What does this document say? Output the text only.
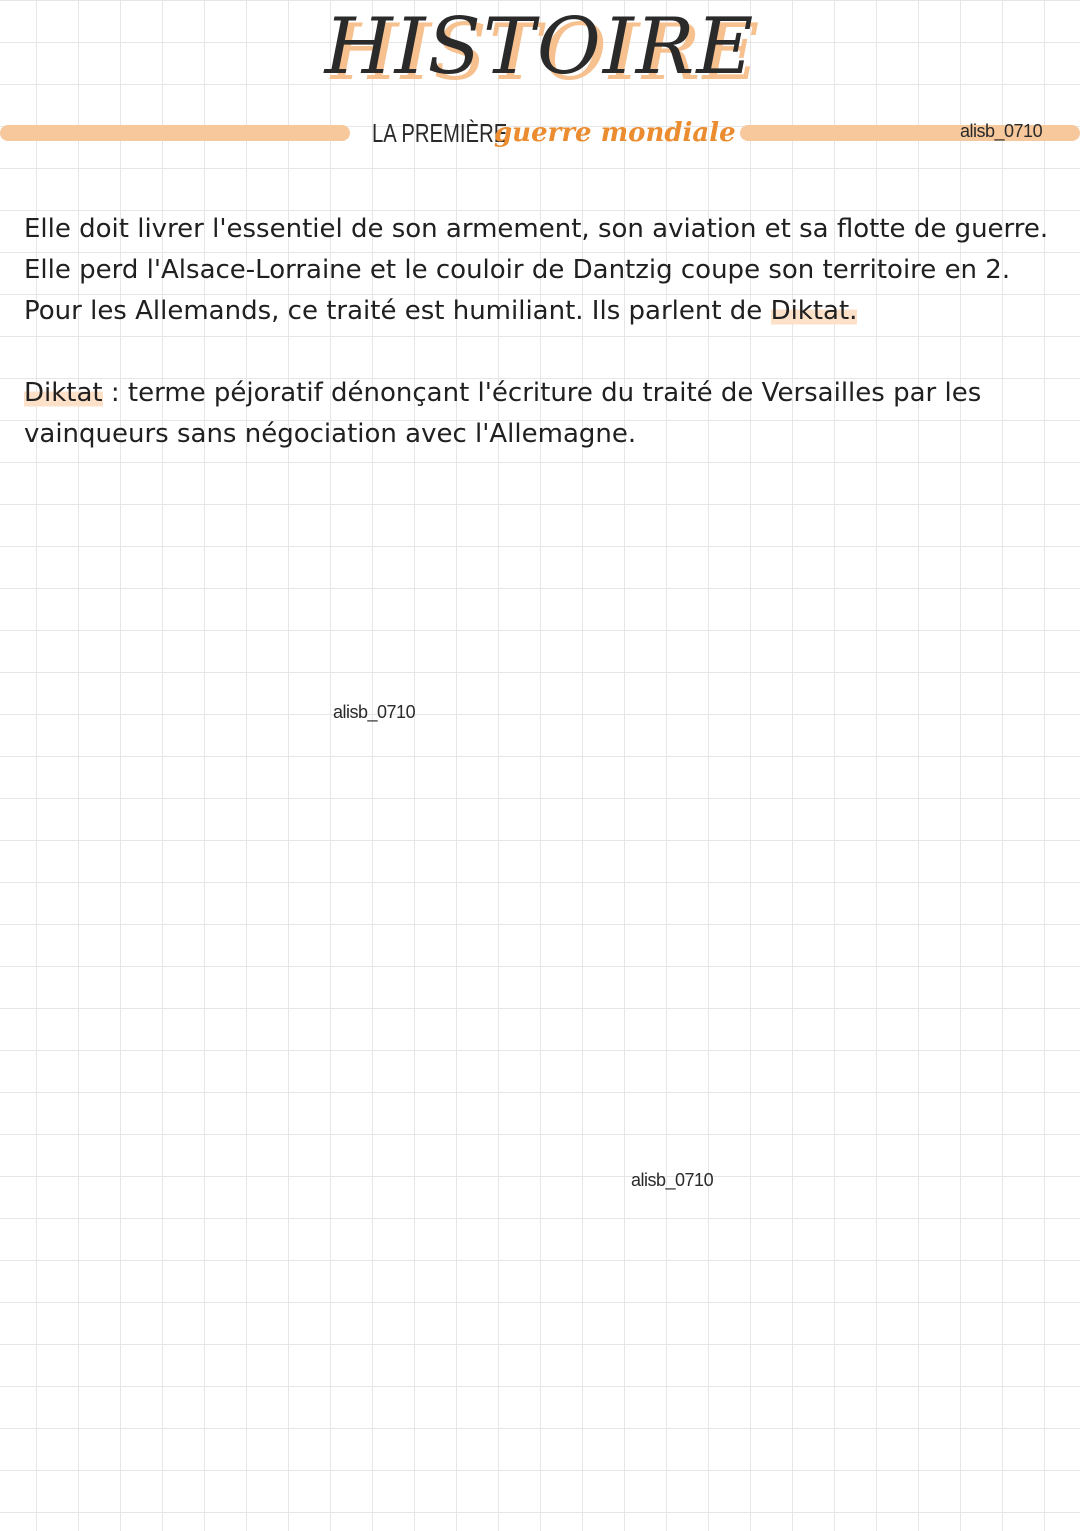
HISTOIRE
LA PREMIÈRE
guerre mondiale	alisb_0710

Elle doit livrer l'essentiel de son armement, son aviation et sa flotte de guerre.
Elle perd l'Alsace-Lorraine et le couloir de Dantzig coupe son territoire en 2.
Pour les Allemands, ce traité est humiliant. Ils parlent de Diktat.

Diktat : terme péjoratif dénonçant l'écriture du traité de Versailles par les
vainqueurs sans négociation avec l'Allemagne.

alisb_0710
alisb_0710
